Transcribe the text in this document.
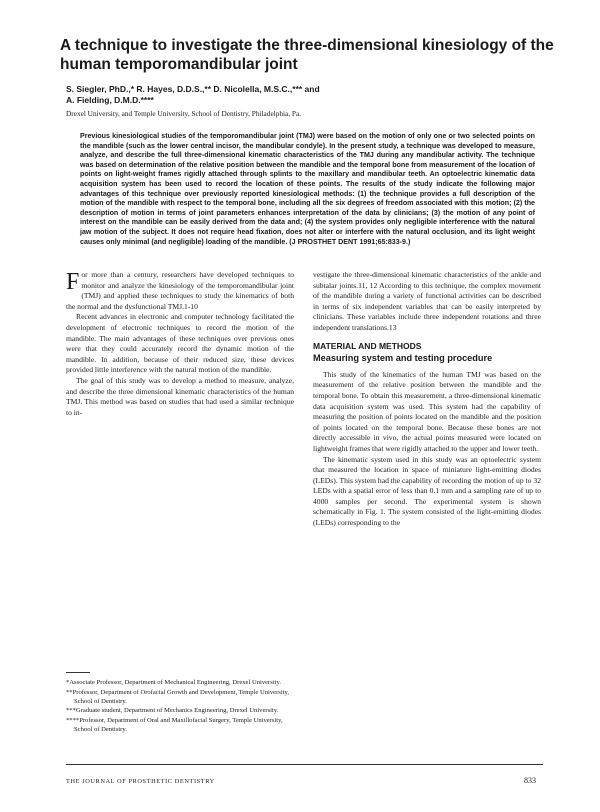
A technique to investigate the three-dimensional kinesiology of the human temporomandibular joint
S. Siegler, PhD.,* R. Hayes, D.D.S.,** D. Nicolella, M.S.C.,*** and
A. Fielding, D.M.D.****

Drexel University, and Temple University, School of Dentistry, Philadelphia, Pa.

Previous kinesiological studies of the temporomandibular joint (TMJ) were based on the motion of only one or two selected points on the mandible (such as the lower central incisor, the mandibular condyle). In the present study, a technique was developed to measure, analyze, and describe the full three-dimensional kinematic characteristics of the TMJ during any mandibular activity. The technique was based on determination of the relative position between the mandible and the temporal bone from measurement of the location of points on light-weight frames rigidly attached through splints to the maxillary and mandibular teeth. An optoelectric kinematic data acquisition system has been used to record the location of these points. The results of the study indicate the following major advantages of this technique over previously reported kinesiological methods: (1) the technique provides a full description of the motion of the mandible with respect to the temporal bone, including all the six degrees of freedom associated with this motion; (2) the description of motion in terms of joint parameters enhances interpretation of the data by clinicians; (3) the motion of any point of interest on the mandible can be easily derived from the data and; (4) the system provides only negligible interference with the natural jaw motion of the subject. It does not require head fixation, does not alter or interfere with the natural occlusion, and its light weight causes only minimal (and negligible) loading of the mandible. (J PROSTHET DENT 1991;65:833-9.)

For more than a century, researchers have developed techniques to monitor and analyze the kinesiology of the temporomandibular joint (TMJ) and applied these techniques to study the kinematics of both the normal and the dysfunctional TMJ.1-10

Recent advances in electronic and computer technology facilitated the development of electronic techniques to record the motion of the mandible. The main advantages of these techniques over previous ones were that they could accurately record the dynamic motion of the mandible. In addition, because of their reduced size, these devices provided little interference with the natural motion of the mandible.

The goal of this study was to develop a method to measure, analyze, and describe the three dimensional kinematic characteristics of the human TMJ. This method was based on studies that had used a similar technique to in-

vestigate the three-dimensional kinematic characteristics of the ankle and subtalar joints.11, 12 According to this technique, the complex movement of the mandible during a variety of functional activities can be described in terms of six independent variables that can be easily interpreted by clinicians. These variables include three independent rotations and three independent translations.13

MATERIAL AND METHODS
Measuring system and testing procedure

This study of the kinematics of the human TMJ was based on the measurement of the relative position between the mandible and the temporal bone. To obtain this measurement, a three-dimensional kinematic data acquisition system was used. This system had the capability of measuring the position of points located on the mandible and the position of points located on the temporal bone. Because these bones are not directly accessible in vivo, the actual points measured were located on lightweight frames that were rigidly attached to the upper and lower teeth.

The kinematic system used in this study was an optoelectric system that measured the location in space of miniature light-emitting diodes (LEDs). This system had the capability of recording the motion of up to 32 LEDs with a spatial error of less than 0.1 mm and a sampling rate of up to 4000 samples per second. The experimental system is shown schematically in Fig. 1. The system consisted of the light-emitting diodes (LEDs) corresponding to the

*Associate Professor, Department of Mechanical Engineering, Drexel University.

**Professor, Department of Orofacial Growth and Development, Temple University, School of Dentistry.

***Graduate student, Department of Mechanics Engineering, Drexel University.

****Professor, Department of Oral and Maxillofacial Surgery, Temple University, School of Dentistry.

THE JOURNAL OF PROSTHETIC DENTISTRY	833
